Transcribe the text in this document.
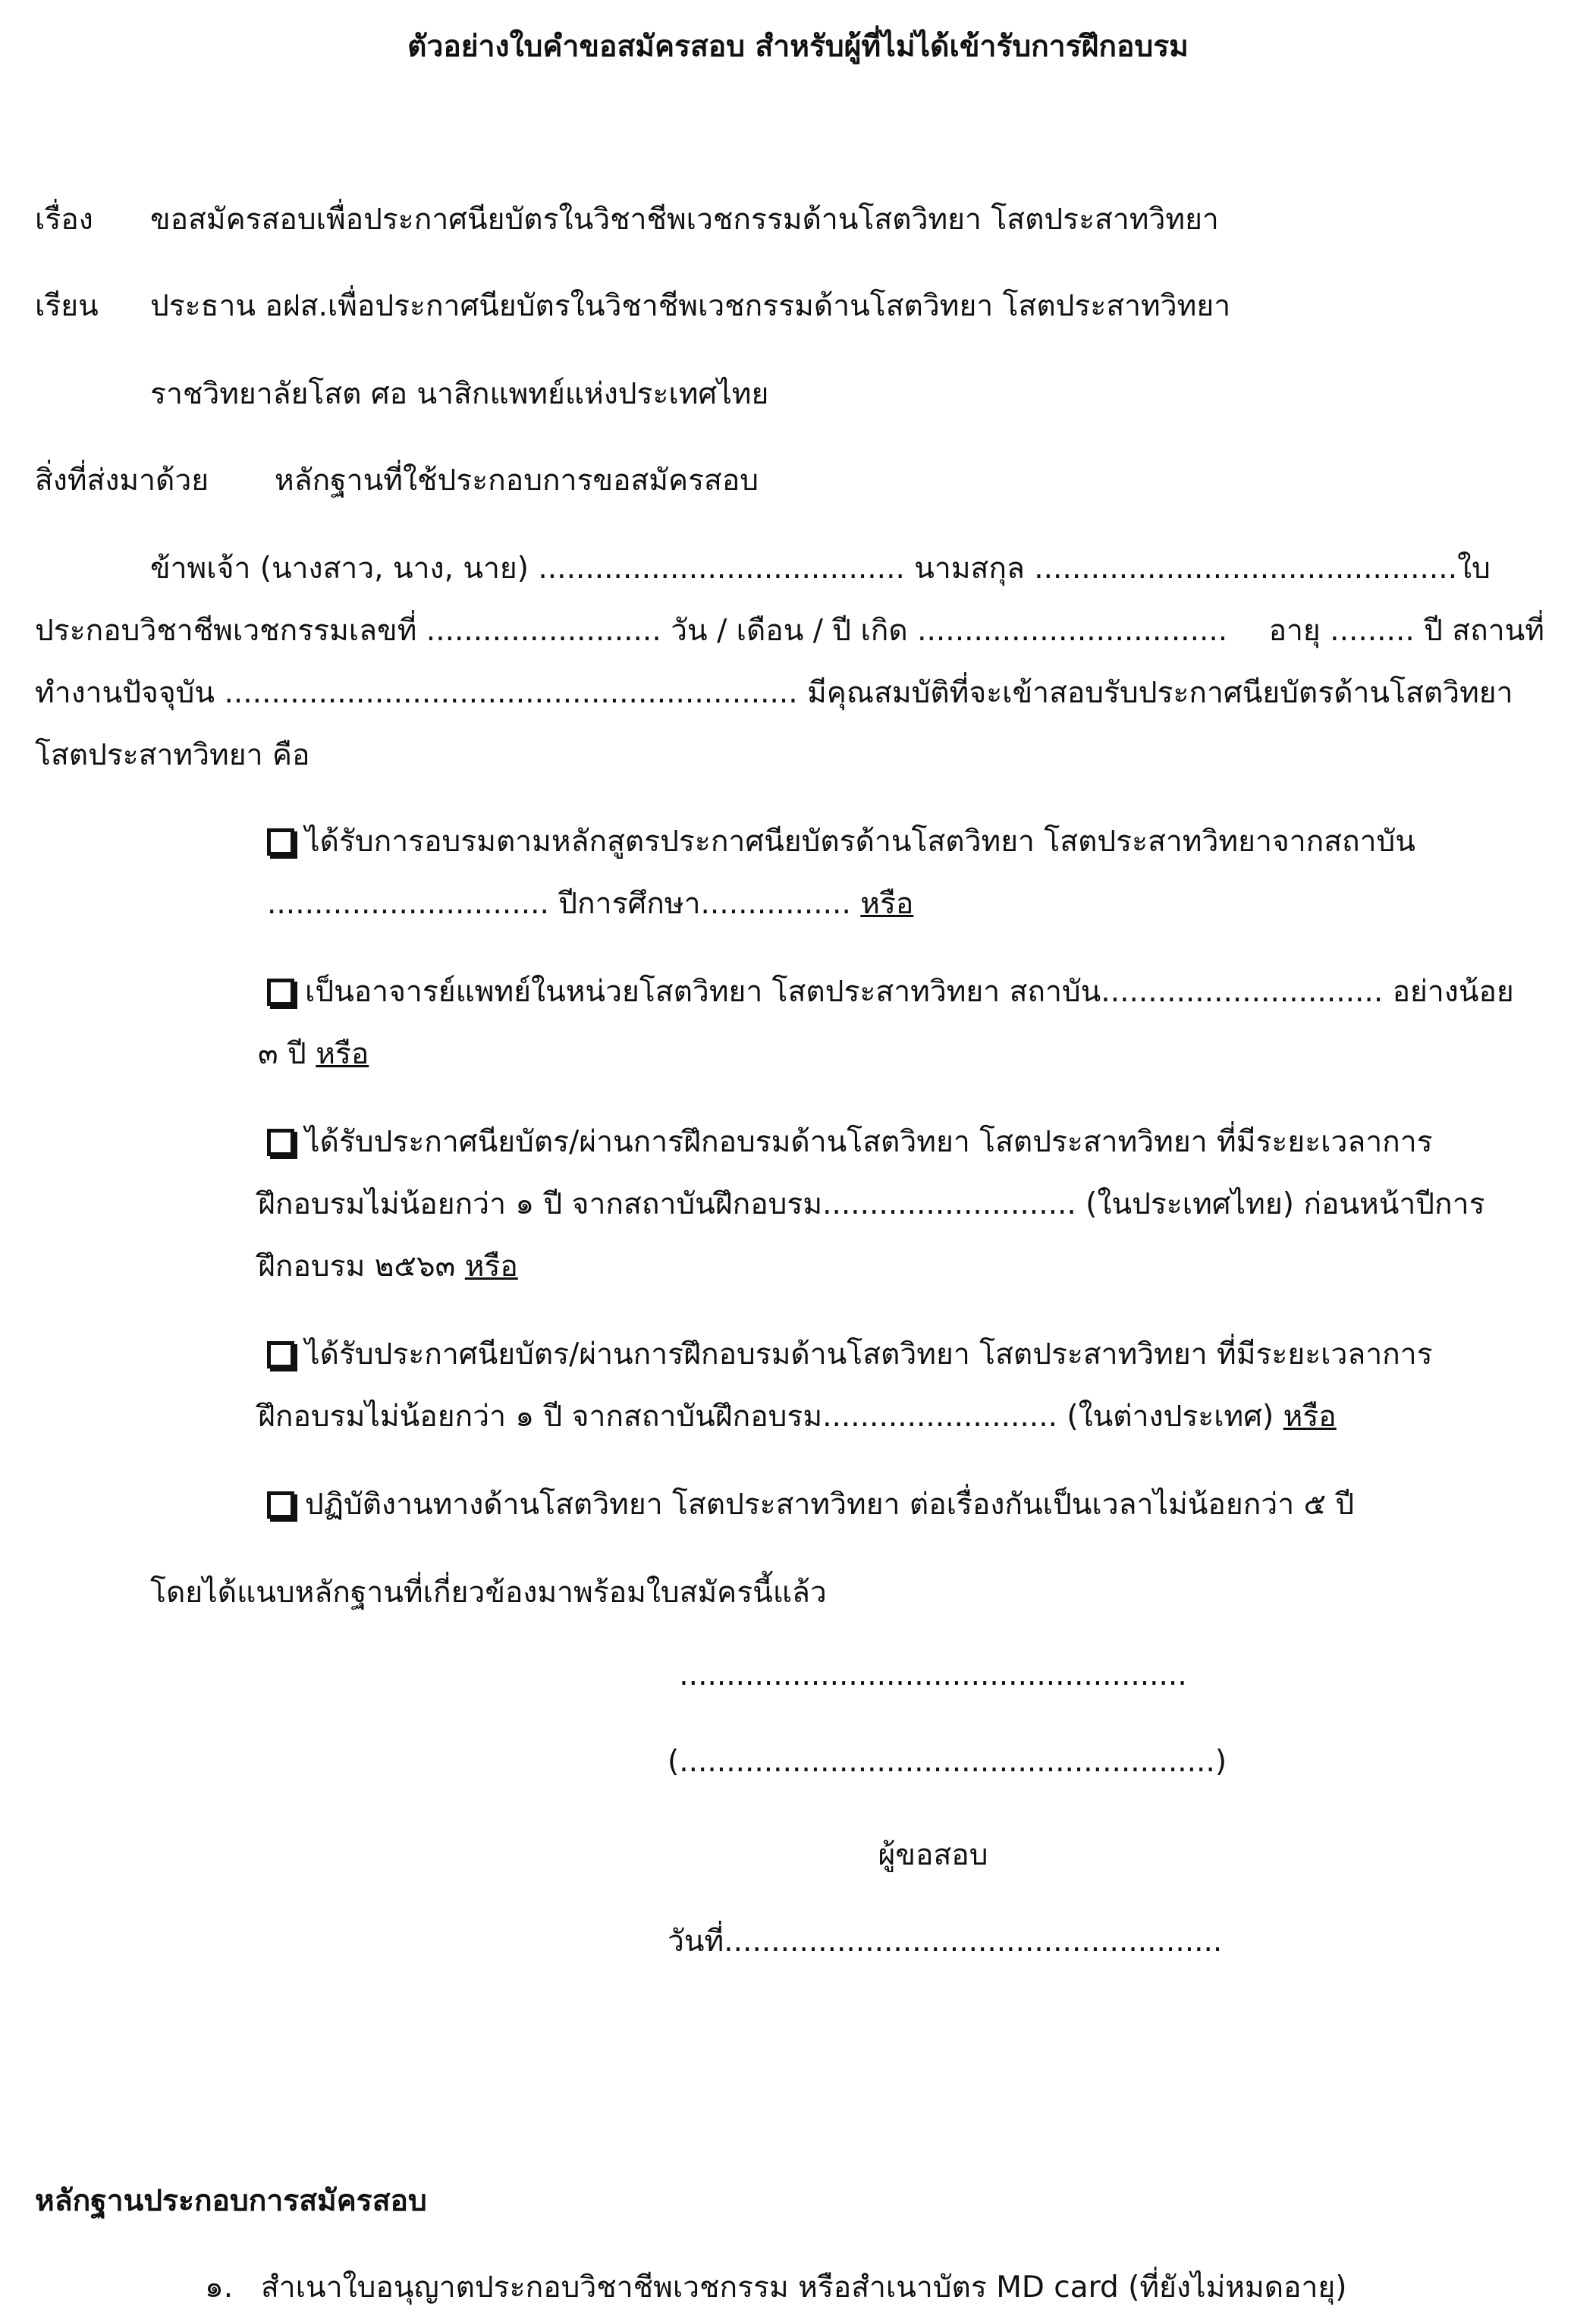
ตัวอย่างใบคำขอสมัครสอบ สำหรับผู้ที่ไม่ได้เข้ารับการฝึกอบรม
เรื่อง ขอสมัครสอบเพื่อประกาศนียบัตรในวิชาชีพเวชกรรมด้านโสตวิทยา โสตประสาทวิทยา
เรียน ประธาน อฝส.เพื่อประกาศนียบัตรในวิชาชีพเวชกรรมด้านโสตวิทยา โสตประสาทวิทยา
ราชวิทยาลัยโสต ศอ นาสิกแพทย์แห่งประเทศไทย
สิ่งที่ส่งมาด้วย หลักฐานที่ใช้ประกอบการขอสมัครสอบ
ข้าพเจ้า (นางสาว, นาง, นาย) ....................................... นามสกุล ............................................. ใบ
ประกอบวิชาชีพเวชกรรมเลขที่ ......................... วัน / เดือน / ปี เกิด ................................. อายุ ......... ปี สถานที่
ทำงานปัจจุบัน ............................................................. มีคุณสมบัติที่จะเข้าสอบรับประกาศนียบัตรด้านโสตวิทยา
โสตประสาทวิทยา คือ
ได้รับการอบรมตามหลักสูตรประกาศนียบัตรด้านโสตวิทยา โสตประสาทวิทยาจากสถาบัน
.............................. ปีการศึกษา................ หรือ
เป็นอาจารย์แพทย์ในหน่วยโสตวิทยา โสตประสาทวิทยา สถาบัน.............................. อย่างน้อย
๓ ปี หรือ
ได้รับประกาศนียบัตร/ผ่านการฝึกอบรมด้านโสตวิทยา โสตประสาทวิทยา ที่มีระยะเวลาการ
ฝึกอบรมไม่น้อยกว่า ๑ ปี จากสถาบันฝึกอบรม........................... (ในประเทศไทย) ก่อนหน้าปีการ
ฝึกอบรม ๒๕๖๓ หรือ
ได้รับประกาศนียบัตร/ผ่านการฝึกอบรมด้านโสตวิทยา โสตประสาทวิทยา ที่มีระยะเวลาการ
ฝึกอบรมไม่น้อยกว่า ๑ ปี จากสถาบันฝึกอบรม......................... (ในต่างประเทศ) หรือ
ปฏิบัติงานทางด้านโสตวิทยา โสตประสาทวิทยา ต่อเรื่องกันเป็นเวลาไม่น้อยกว่า ๕ ปี
โดยได้แนบหลักฐานที่เกี่ยวข้องมาพร้อมใบสมัครนี้แล้ว
......................................................
(.........................................................)
ผู้ขอสอบ
วันที่.....................................................
หลักฐานประกอบการสมัครสอบ
๑. สำเนาใบอนุญาตประกอบวิชาชีพเวชกรรม หรือสำเนาบัตร MD card (ที่ยังไม่หมดอายุ)
